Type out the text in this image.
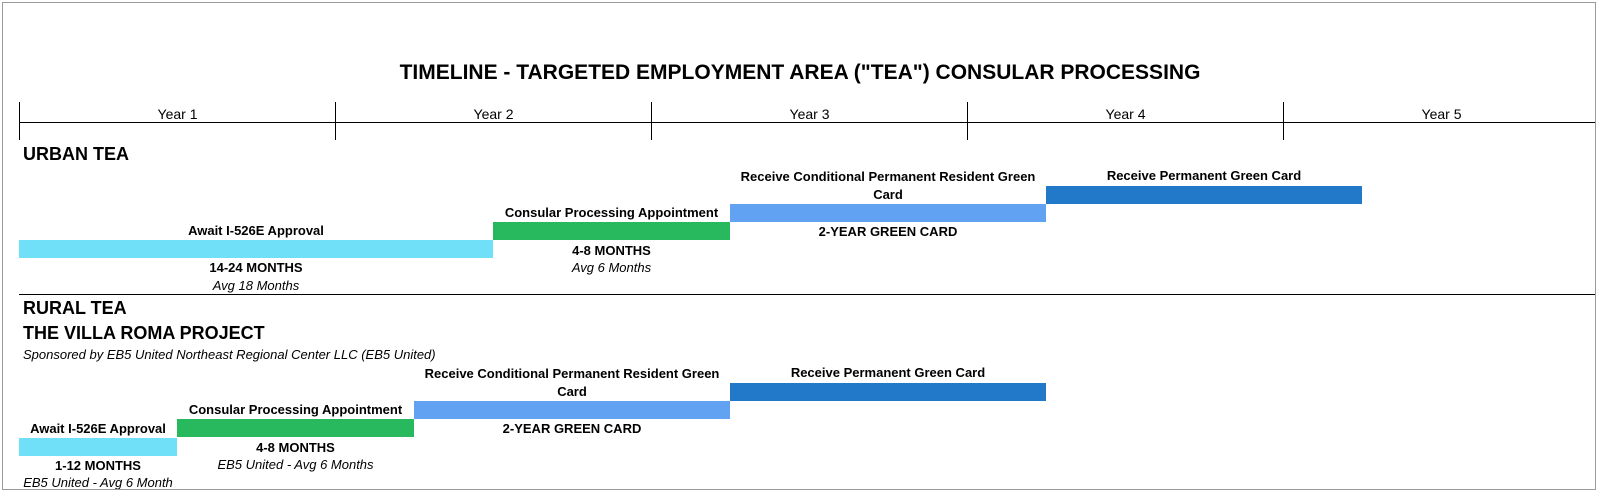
TIMELINE - TARGETED EMPLOYMENT AREA ("TEA") CONSULAR PROCESSING
Year 1	Year 2	Year 3	Year 4	Year 5
URBAN TEA
Await I-526E Approval
14-24 MONTHS
Avg 18 Months
Consular Processing Appointment
4-8 MONTHS
Avg 6 Months
Receive Conditional Permanent Resident Green Card
2-YEAR GREEN CARD
Receive Permanent Green Card
RURAL TEA
THE VILLA ROMA PROJECT
Sponsored by EB5 United Northeast Regional Center LLC (EB5 United)
Await I-526E Approval
1-12 MONTHS
EB5 United - Avg 6 Month
Consular Processing Appointment
4-8 MONTHS
EB5 United - Avg 6 Months
Receive Conditional Permanent Resident Green Card
2-YEAR GREEN CARD
Receive Permanent Green Card
